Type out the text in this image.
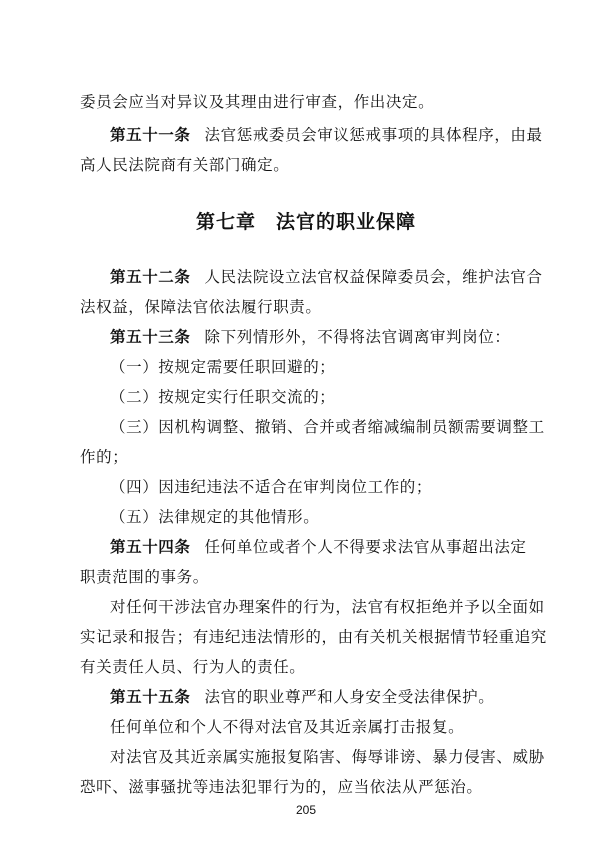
委员会应当对异议及其理由进行审查，作出决定。
第五十一条 法官惩戒委员会审议惩戒事项的具体程序，由最
高人民法院商有关部门确定。
第七章　法官的职业保障
第五十二条 人民法院设立法官权益保障委员会，维护法官合
法权益，保障法官依法履行职责。
第五十三条 除下列情形外，不得将法官调离审判岗位：
（一）按规定需要任职回避的；
（二）按规定实行任职交流的；
（三）因机构调整、撤销、合并或者缩减编制员额需要调整工
作的；
（四）因违纪违法不适合在审判岗位工作的；
（五）法律规定的其他情形。
第五十四条 任何单位或者个人不得要求法官从事超出法定
职责范围的事务。
对任何干涉法官办理案件的行为，法官有权拒绝并予以全面如
实记录和报告；有违纪违法情形的，由有关机关根据情节轻重追究
有关责任人员、行为人的责任。
第五十五条 法官的职业尊严和人身安全受法律保护。
任何单位和个人不得对法官及其近亲属打击报复。
对法官及其近亲属实施报复陷害、侮辱诽谤、暴力侵害、威胁
恐吓、滋事骚扰等违法犯罪行为的，应当依法从严惩治。
205
